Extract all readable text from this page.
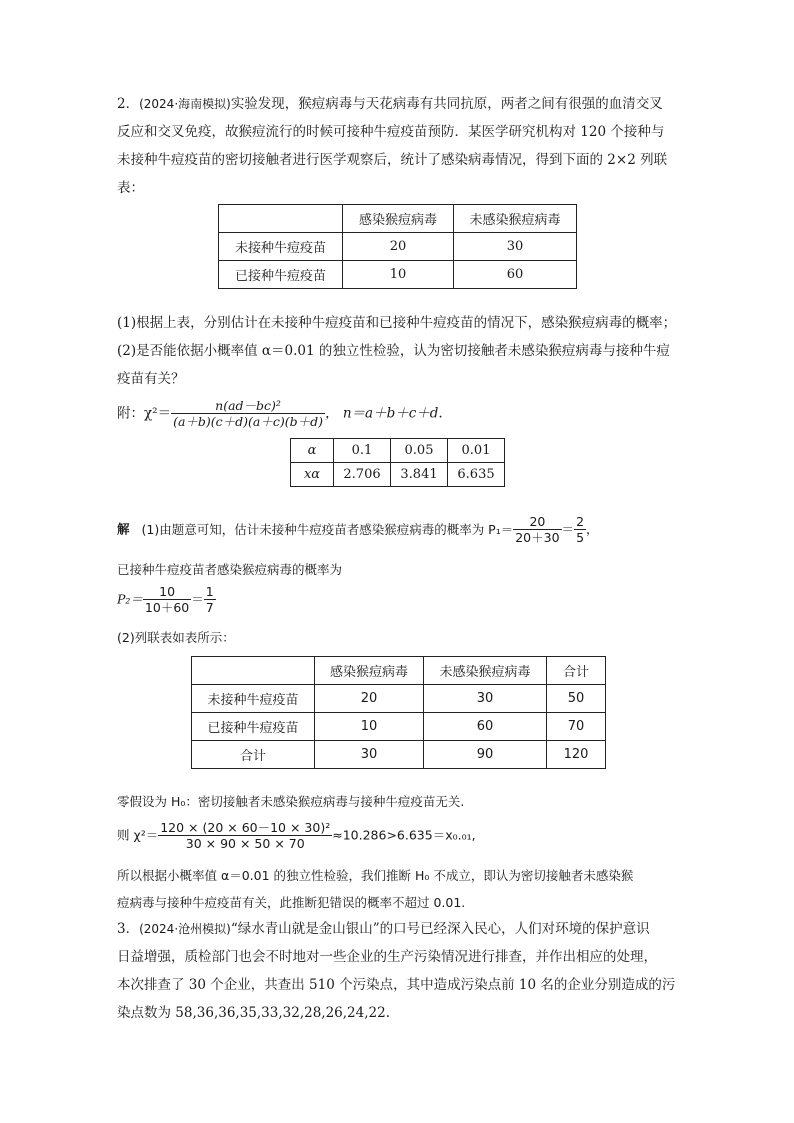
2．(2024·海南模拟)实验发现，猴痘病毒与天花病毒有共同抗原，两者之间有很强的血清交叉
反应和交叉免疫，故猴痘流行的时候可接种牛痘疫苗预防．某医学研究机构对 120 个接种与
未接种牛痘疫苗的密切接触者进行医学观察后，统计了感染病毒情况，得到下面的 2×2 列联
表：
	感染猴痘病毒	未感染猴痘病毒
未接种牛痘疫苗	20	30
已接种牛痘疫苗	10	60
(1)根据上表，分别估计在未接种牛痘疫苗和已接种牛痘疫苗的情况下，感染猴痘病毒的概率；
(2)是否能依据小概率值 α＝0.01 的独立性检验，认为密切接触者未感染猴痘病毒与接种牛痘
疫苗有关？
附：$\chi^2= \frac{\text{n(ad－bc)²}}{(a+b)(c+d)(a+c)(b+d)}$ ， n＝a＋b＋c＋d.
α	0.1	0.05	0.01
xα	2.706	3.841	6.635
解 (1)由题意可知，估计未接种牛痘疫苗者感染猴痘病毒的概率为 $P_1= \frac{20}{20+30} = \frac{2}{5}$ ，
已接种牛痘疫苗者感染猴痘病毒的概率为
$P_2= \frac{10}{10+60} = \frac{1}{7}$
(2)列联表如表所示：
	感染猴痘病毒	未感染猴痘病毒	合计
未接种牛痘疫苗	20	30	50
已接种牛痘疫苗	10	60	70
合计	30	90	120
零假设为 H₀：密切接触者未感染猴痘病毒与接种牛痘疫苗无关.
则 $\chi^2= \frac{\text{120 × (20 × 60－10 × 30)²}}{30 \times 90 \times 50 \times 70} \approx 10.286>6.635=x_0._{01}$,
所以根据小概率值 α＝0.01 的独立性检验，我们推断 H₀ 不成立，即认为密切接触者未感染猴
痘病毒与接种牛痘疫苗有关，此推断犯错误的概率不超过 0.01.
3．(2024·沧州模拟)“绿水青山就是金山银山”的口号已经深入民心，人们对环境的保护意识
日益增强，质检部门也会不时地对一些企业的生产污染情况进行排查，并作出相应的处理，
本次排查了 30 个企业，共查出 510 个污染点，其中造成污染点前 10 名的企业分别造成的污
染点数为 58,36,36,35,33,32,28,26,24,22.
